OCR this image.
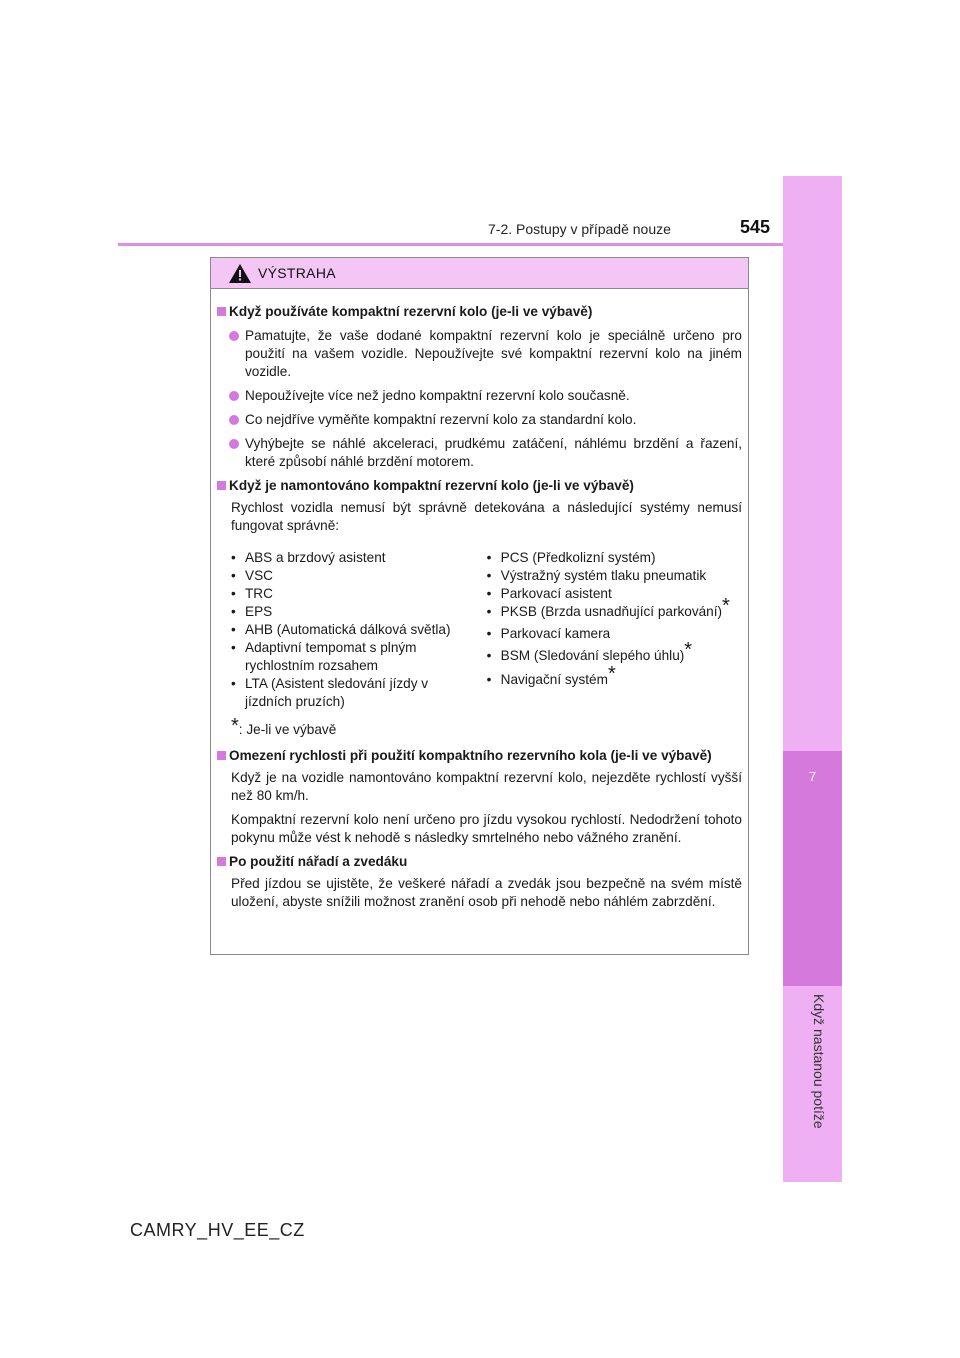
7
Když nastanou potíže
7-2. Postupy v případě nouze	545
VÝSTRAHA
Když používáte kompaktní rezervní kolo (je-li ve výbavě)
Pamatujte, že vaše dodané kompaktní rezervní kolo je speciálně určeno pro použití na vašem vozidle. Nepoužívejte své kompaktní rezervní kolo na jiném vozidle.
Nepoužívejte více než jedno kompaktní rezervní kolo současně.
Co nejdříve vyměňte kompaktní rezervní kolo za standardní kolo.
Vyhýbejte se náhlé akceleraci, prudkému zatáčení, náhlému brzdění a řazení, které způsobí náhlé brzdění motorem.
Když je namontováno kompaktní rezervní kolo (je-li ve výbavě)
Rychlost vozidla nemusí být správně detekována a následující systémy nemusí fungovat správně:
• ABS a brzdový asistent
• VSC
• TRC
• EPS
• AHB (Automatická dálková světla)
• Adaptivní tempomat s plným rychlostním rozsahem
• LTA (Asistent sledování jízdy v jízdních pruzích)
• PCS (Předkolizní systém)
• Výstražný systém tlaku pneumatik
• Parkovací asistent
• PKSB (Brzda usnadňující parkování)*
• Parkovací kamera
• BSM (Sledování slepého úhlu)*
• Navigační systém*
*: Je-li ve výbavě
Omezení rychlosti při použití kompaktního rezervního kola (je-li ve výbavě)
Když je na vozidle namontováno kompaktní rezervní kolo, nejezděte rychlostí vyšší než 80 km/h.
Kompaktní rezervní kolo není určeno pro jízdu vysokou rychlostí. Nedodržení tohoto pokynu může vést k nehodě s následky smrtelného nebo vážného zranění.
Po použití nářadí a zvedáku
Před jízdou se ujistěte, že veškeré nářadí a zvedák jsou bezpečně na svém místě uložení, abyste snížili možnost zranění osob při nehodě nebo náhlém zabrzdění.
CAMRY_HV_EE_CZ
